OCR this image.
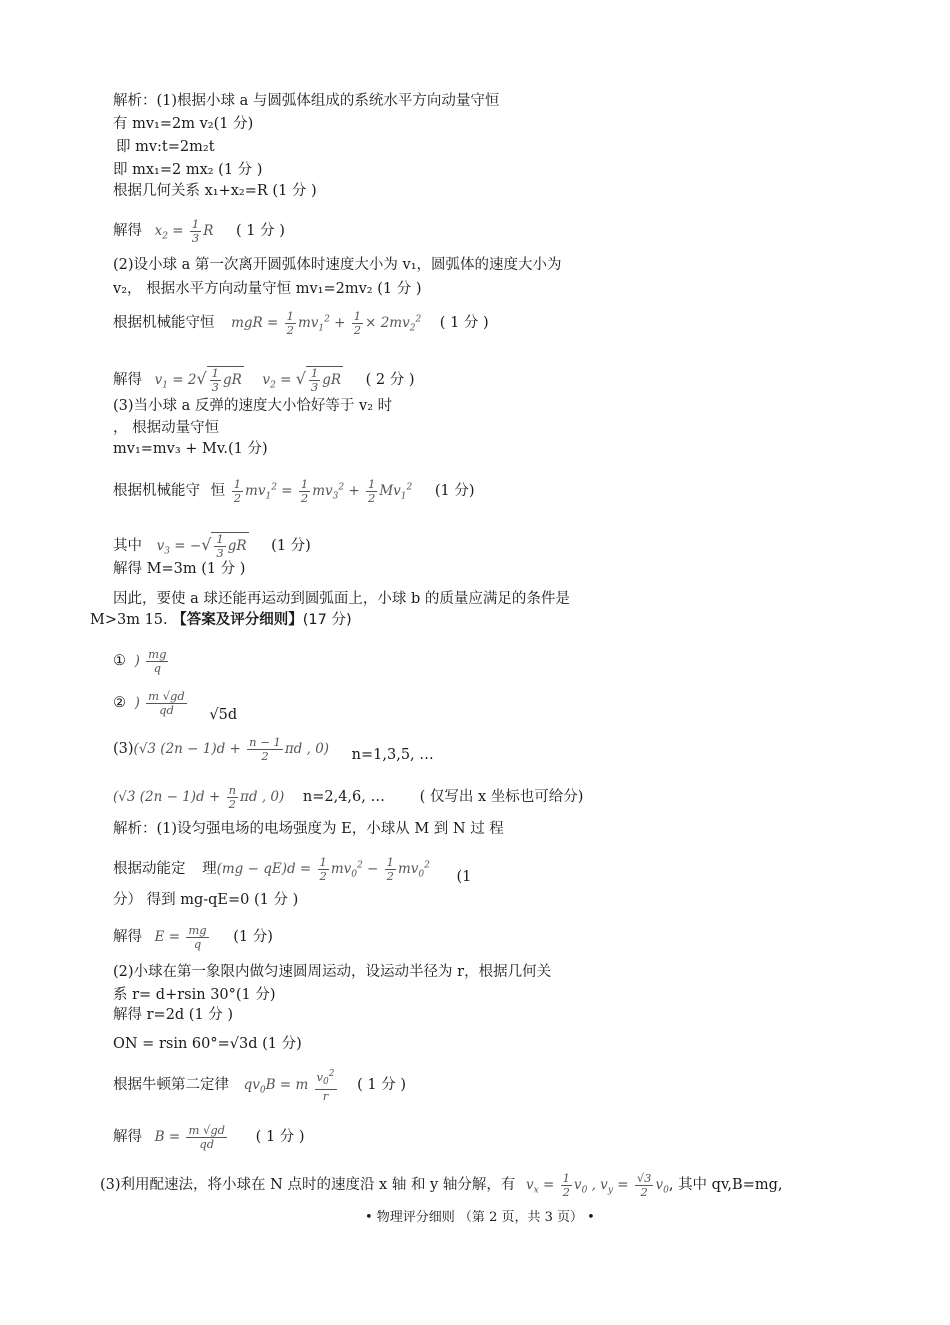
解析：(1)根据小球 a 与圆弧体组成的系统水平方向动量守恒
有 mv₁=2m v₂(1 分)
即 mv:t=2m₂t
即 mx₁=2 mx₂ (1 分 )
根据几何关系 x₁+x₂=R (1 分 )
解得 $x_2 = \frac{1}{3}$ R ( 1 分 )
(2)设小球 a 第一次离开圆弧体时速度大小为 v₁，圆弧体的速度大小为
v₂， 根据水平方向动量守恒 mv₁=2mv₂ (1 分 )
根据机械能守恒 mgR = $\frac{1}{2} mv_1^2 + \frac{1}{2} \times 2mv_2^2$ ( 1 分 )
解得 $v_1 = 2√ \frac{1}{3}$ gR $v_2$ = √ $\frac{1}{3}$ gR ( 2 分 )
(3)当小球 a 反弹的速度大小恰好等于 v₂ 时
， 根据动量守恒
mv₁=mv₃ + Mv.(1 分)
根据机械能守 恒 $\frac{1}{2} mv_1^2 = \frac{1}{2} mv_3^2 + \frac{1}{2} Mv_1^2$ (1 分)
其中 $v_3$ = −√ $\frac{1}{3}$ gR (1 分)
解得 M=3m (1 分 )
因此，要使 a 球还能再运动到圆弧面上，小球 b 的质量应满足的条件是
M>3m 15. 【答案及评分细则】(17 分)
① ) $\frac{mg}{q}$
② ) $\frac{m √gd}{qd} √5d$
(3)(√3 $(2n - 1)d + \frac{n - 1}{2}$ πd , 0) n=1,3,5, …
(√3 $(2n - 1)d + \frac{n}{2}$ πd , 0) n=2,4,6, … ( 仅写出 x 坐标也可给分)
解析：(1)设匀强电场的电场强度为 E，小球从 M 到 N 过 程
根据动能定 理$(mg - qE)d = \frac{1}{2} mv_0^2 - \frac{1}{2} mv_0^2$ (1
分） 得到 mg-qE=0 (1 分 )
解得 $E = \frac{mg}{q} (1$ 分)
(2)小球在第一象限内做匀速圆周运动，设运动半径为 r，根据几何关
系 r= d+rsin 30°(1 分)
解得 r=2d (1 分 )
ON = rsin 60°=√3d (1 分)
根据牛顿第二定律 $qv_0B = m \frac{v_0^2}{r}$ ( 1 分 )
解得 $B = \frac{m √gd}{qd}$ ( 1 分 )
(3)利用配速法，将小球在 N 点时的速度沿 x 轴 和 y 轴分解，有 $v_x = \frac{1}{2} v_0$ , $v_y = \frac{√3}{2} v_0$, 其中 qv,B=mg,
• 物理评分细则 （第 2 页，共 3 页） •
